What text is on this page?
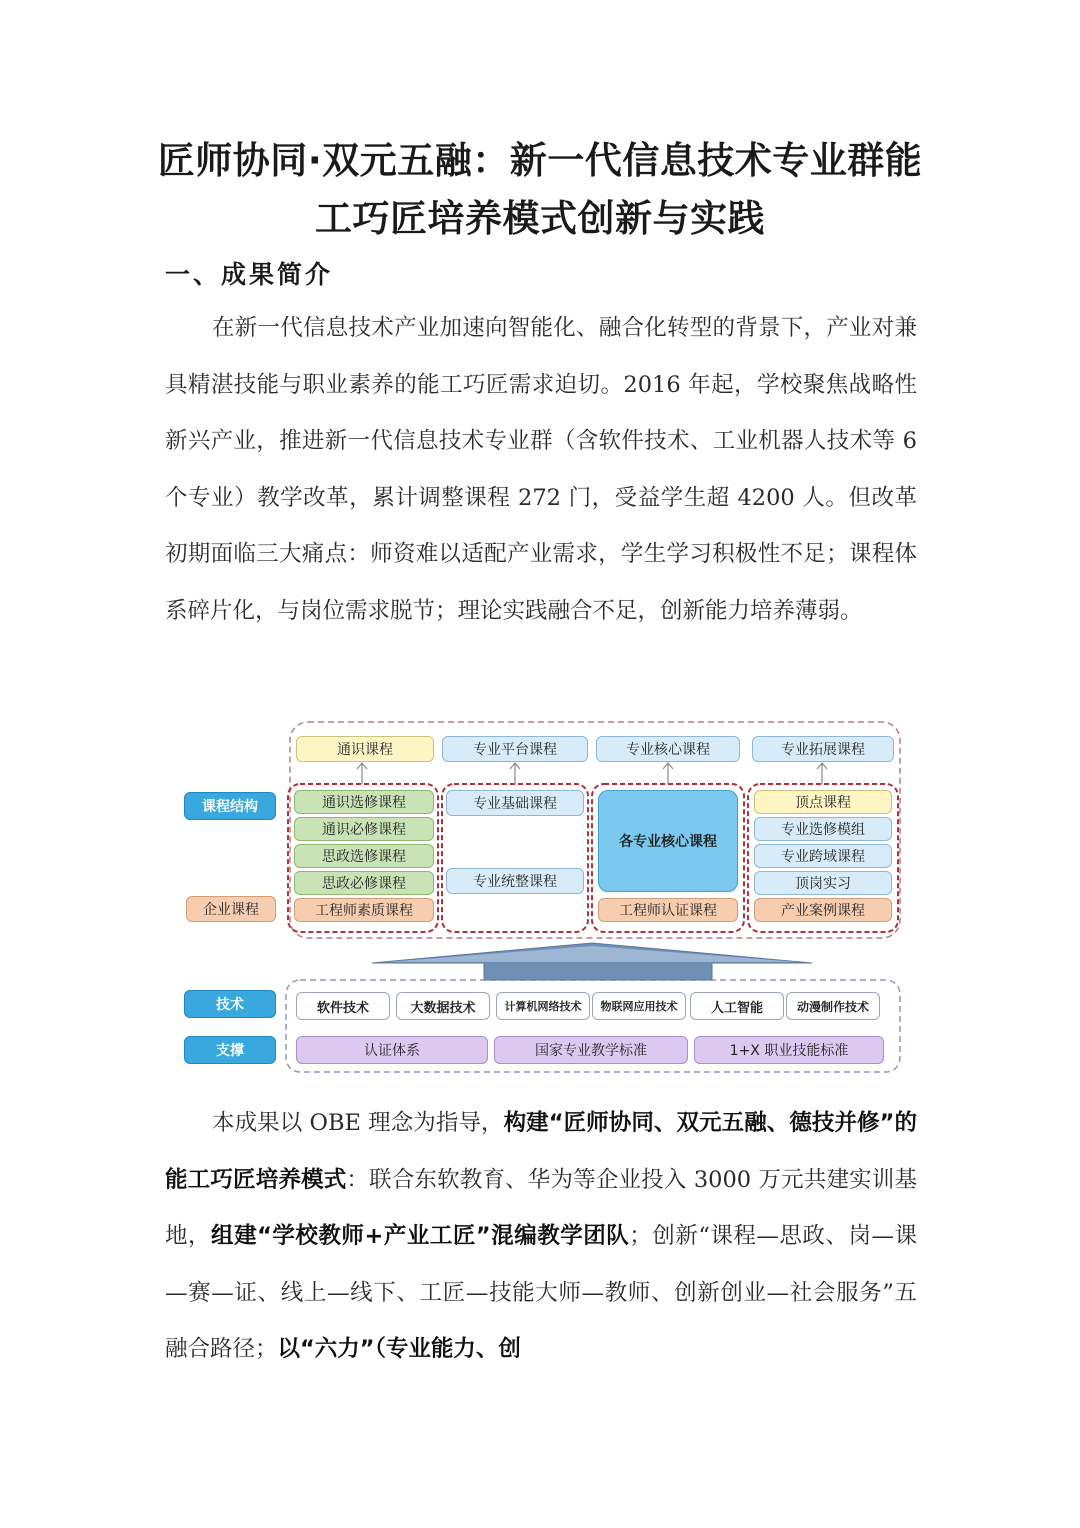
匠师协同·双元五融：新一代信息技术专业群能
工巧匠培养模式创新与实践
一、成果简介
在新一代信息技术产业加速向智能化、融合化转型的背景下，产业对兼具精湛技能与职业素养的能工巧匠需求迫切。2016 年起，学校聚焦战略性新兴产业，推进新一代信息技术专业群（含软件技术、工业机器人技术等 6 个专业）教学改革，累计调整课程 272 门，受益学生超 4200 人。但改革初期面临三大痛点：师资难以适配产业需求，学生学习积极性不足；课程体系碎片化，与岗位需求脱节；理论实践融合不足，创新能力培养薄弱。
通识课程	专业平台课程	专业核心课程	专业拓展课程
课程结构
企业课程
技术
支撑
通识选修课程
通识必修课程
思政选修课程
思政必修课程
工程师素质课程
专业基础课程
专业统整课程
各专业核心课程
工程师认证课程
顶点课程
专业选修模组
专业跨域课程
顶岗实习
产业案例课程
软件技术	大数据技术	计算机网络技术	物联网应用技术	人工智能	动漫制作技术
认证体系	国家专业教学标准	1+X 职业技能标准
本成果以 OBE 理念为指导，构建“匠师协同、双元五融、德技并修”的能工巧匠培养模式：联合东软教育、华为等企业投入 3000 万元共建实训基地，组建“学校教师+产业工匠”混编教学团队；创新“课程—思政、岗—课—赛—证、线上—线下、工匠—技能大师—教师、创新创业—社会服务”五融合路径；以“六力”（专业能力、创
